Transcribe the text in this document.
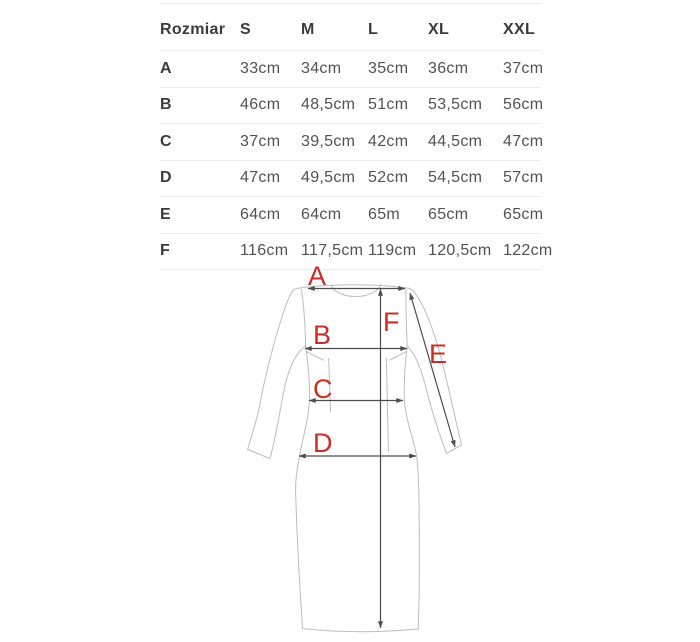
Rozmiar S	M	L	XL	XXL
A	33cm	34cm	35cm	36cm	37cm
B	46cm	48,5cm 51cm	53,5cm	56cm
C	37cm	39,5cm 42cm	44,5cm	47cm
D	47cm	49,5cm 52cm	54,5cm	57cm
E	64cm	64cm	65m	65cm	65cm
F	116cm 117,5cm 119cm 120,5cm 122cm
A
B
C
D
E
F
